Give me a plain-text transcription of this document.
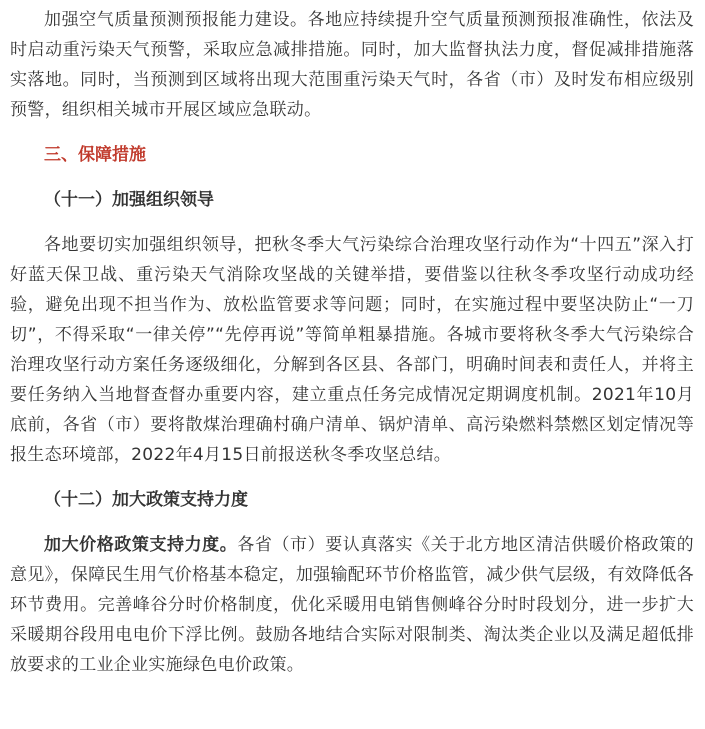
加强空气质量预测预报能力建设。各地应持续提升空气质量预测预报准确性，依法及时启动重污染天气预警，采取应急减排措施。同时，加大监督执法力度，督促减排措施落实落地。同时，当预测到区域将出现大范围重污染天气时，各省（市）及时发布相应级别预警，组织相关城市开展区域应急联动。

三、保障措施

（十一）加强组织领导

各地要切实加强组织领导，把秋冬季大气污染综合治理攻坚行动作为“十四五”深入打好蓝天保卫战、重污染天气消除攻坚战的关键举措，要借鉴以往秋冬季攻坚行动成功经验，避免出现不担当作为、放松监管要求等问题；同时，在实施过程中要坚决防止“一刀切”，不得采取“一律关停”“先停再说”等简单粗暴措施。各城市要将秋冬季大气污染综合治理攻坚行动方案任务逐级细化，分解到各区县、各部门，明确时间表和责任人，并将主要任务纳入当地督查督办重要内容，建立重点任务完成情况定期调度机制。2021年10月底前，各省（市）要将散煤治理确村确户清单、锅炉清单、高污染燃料禁燃区划定情况等报生态环境部，2022年4月15日前报送秋冬季攻坚总结。

（十二）加大政策支持力度

加大价格政策支持力度。各省（市）要认真落实《关于北方地区清洁供暖价格政策的意见》，保障民生用气价格基本稳定，加强输配环节价格监管，减少供气层级，有效降低各环节费用。完善峰谷分时价格制度，优化采暖用电销售侧峰谷分时时段划分，进一步扩大采暖期谷段用电电价下浮比例。鼓励各地结合实际对限制类、淘汰类企业以及满足超低排放要求的工业企业实施绿色电价政策。
